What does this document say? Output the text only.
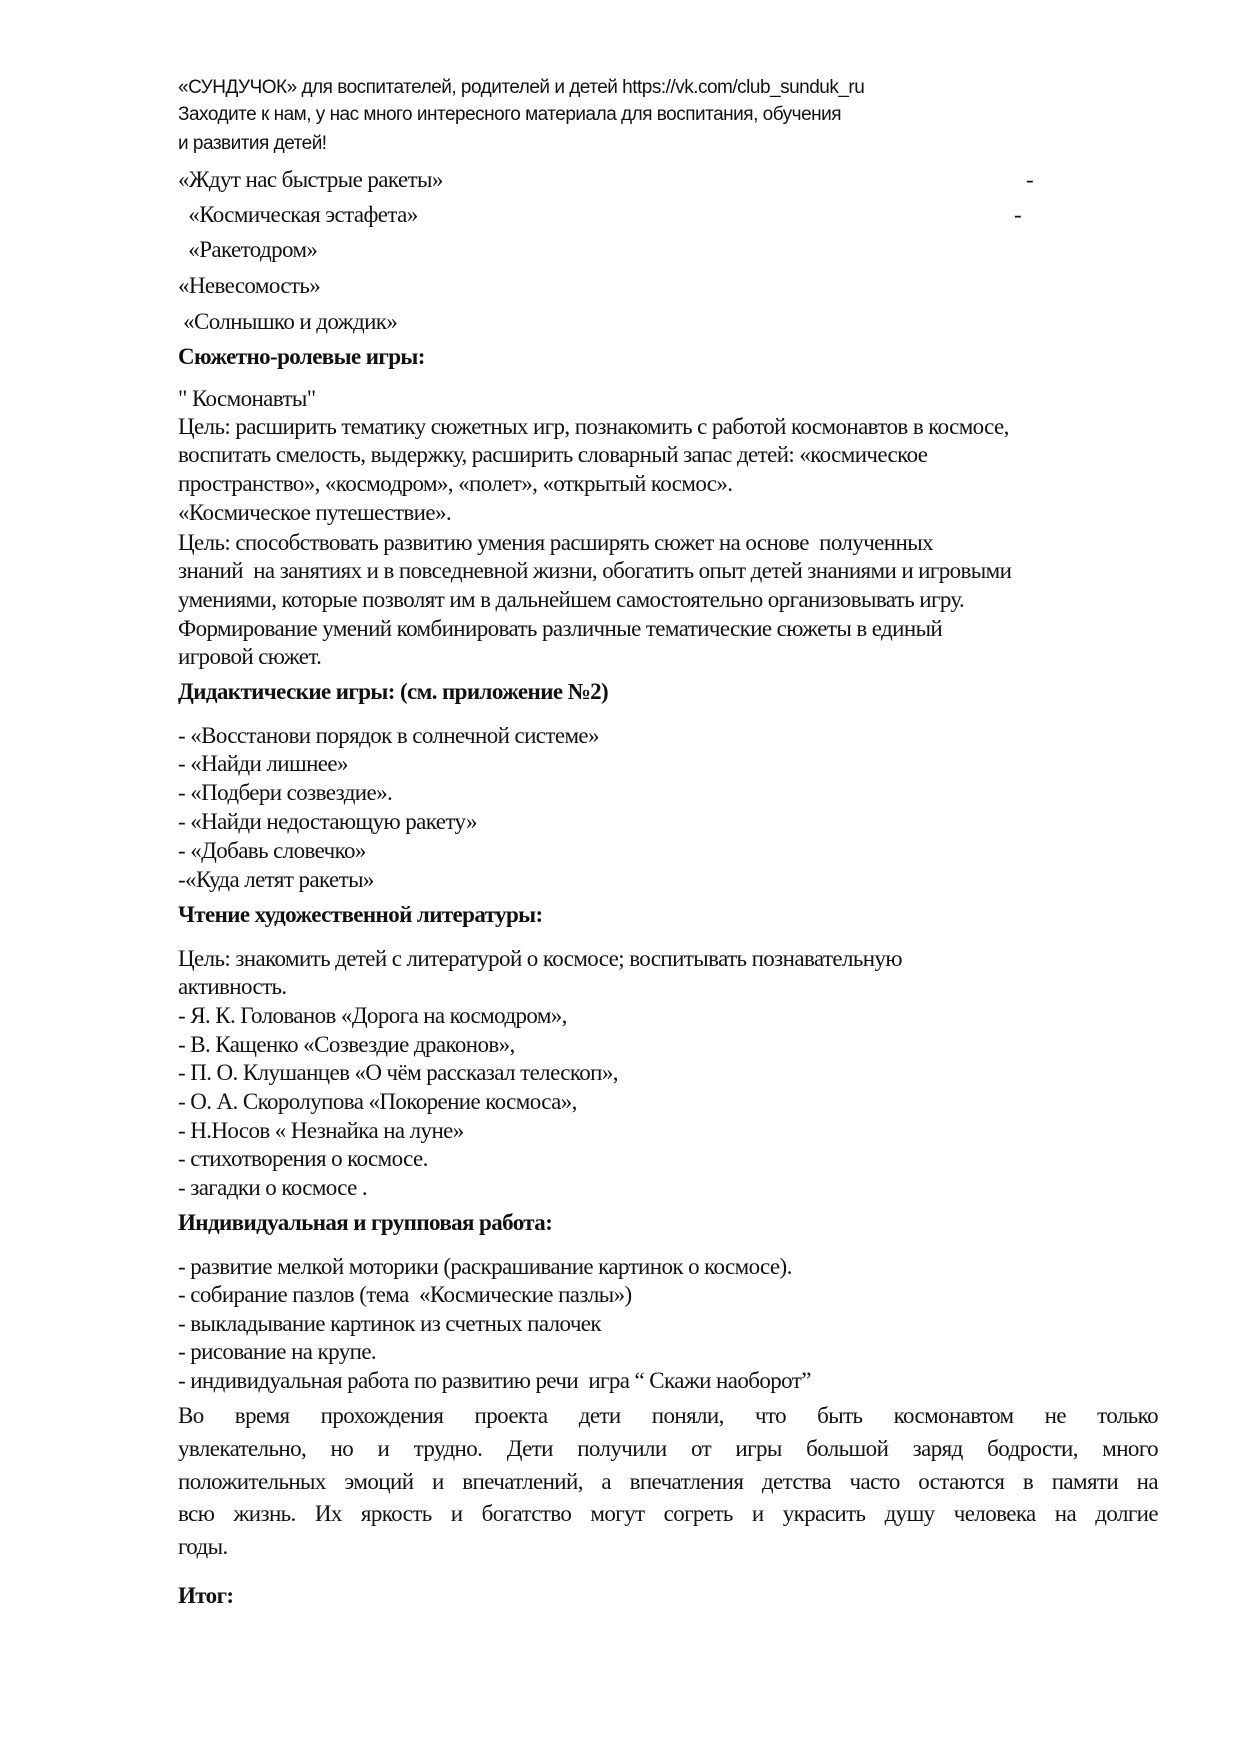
«СУНДУЧОК» для воспитателей, родителей и детей https://vk.com/club_sunduk_ru
Заходите к нам, у нас много интересного материала для воспитания, обучения
и развития детей!
«Ждут нас быстрые ракеты»	-
«Космическая эстафета»	-
«Ракетодром»
«Невесомость»
«Солнышко и дождик»
Сюжетно-ролевые игры:
" Космонавты"
Цель: расширить тематику сюжетных игр, познакомить с работой космонавтов в космосе,
воспитать смелость, выдержку, расширить словарный запас детей: «космическое
пространство», «космодром», «полет», «открытый космос».
«Космическое путешествие».
Цель: способствовать развитию умения расширять сюжет на основе  полученных
знаний  на занятиях и в повседневной жизни, обогатить опыт детей знаниями и игровыми
умениями, которые позволят им в дальнейшем самостоятельно организовывать игру.
Формирование умений комбинировать различные тематические сюжеты в единый
игровой сюжет.
Дидактические игры: (см. приложение №2)
- «Восстанови порядок в солнечной системе»
- «Найди лишнее»
- «Подбери созвездие».
- «Найди недостающую ракету»
- «Добавь словечко»
-«Куда летят ракеты»
Чтение художественной литературы:
Цель: знакомить детей с литературой о космосе; воспитывать познавательную
активность.
- Я. К. Голованов «Дорога на космодром»,
- В. Кащенко «Созвездие драконов»,
- П. О. Клушанцев «О чём рассказал телескоп»,
- О. А. Скоролупова «Покорение космоса»,
- Н.Носов « Незнайка на луне»
- стихотворения о космосе.
- загадки о космосе .
Индивидуальная и групповая работа:
- развитие мелкой моторики (раскрашивание картинок о космосе).
- собирание пазлов (тема  «Космические пазлы»)
- выкладывание картинок из счетных палочек
- рисование на крупе.
- индивидуальная работа по развитию речи  игра “ Скажи наоборот”
Во время прохождения проекта дети поняли, что быть космонавтом не только
увлекательно, но и трудно. Дети получили от игры большой заряд бодрости, много
положительных эмоций и впечатлений, а впечатления детства часто остаются в памяти на
всю жизнь. Их яркость и богатство могут согреть и украсить душу человека на долгие
годы.
Итог:
